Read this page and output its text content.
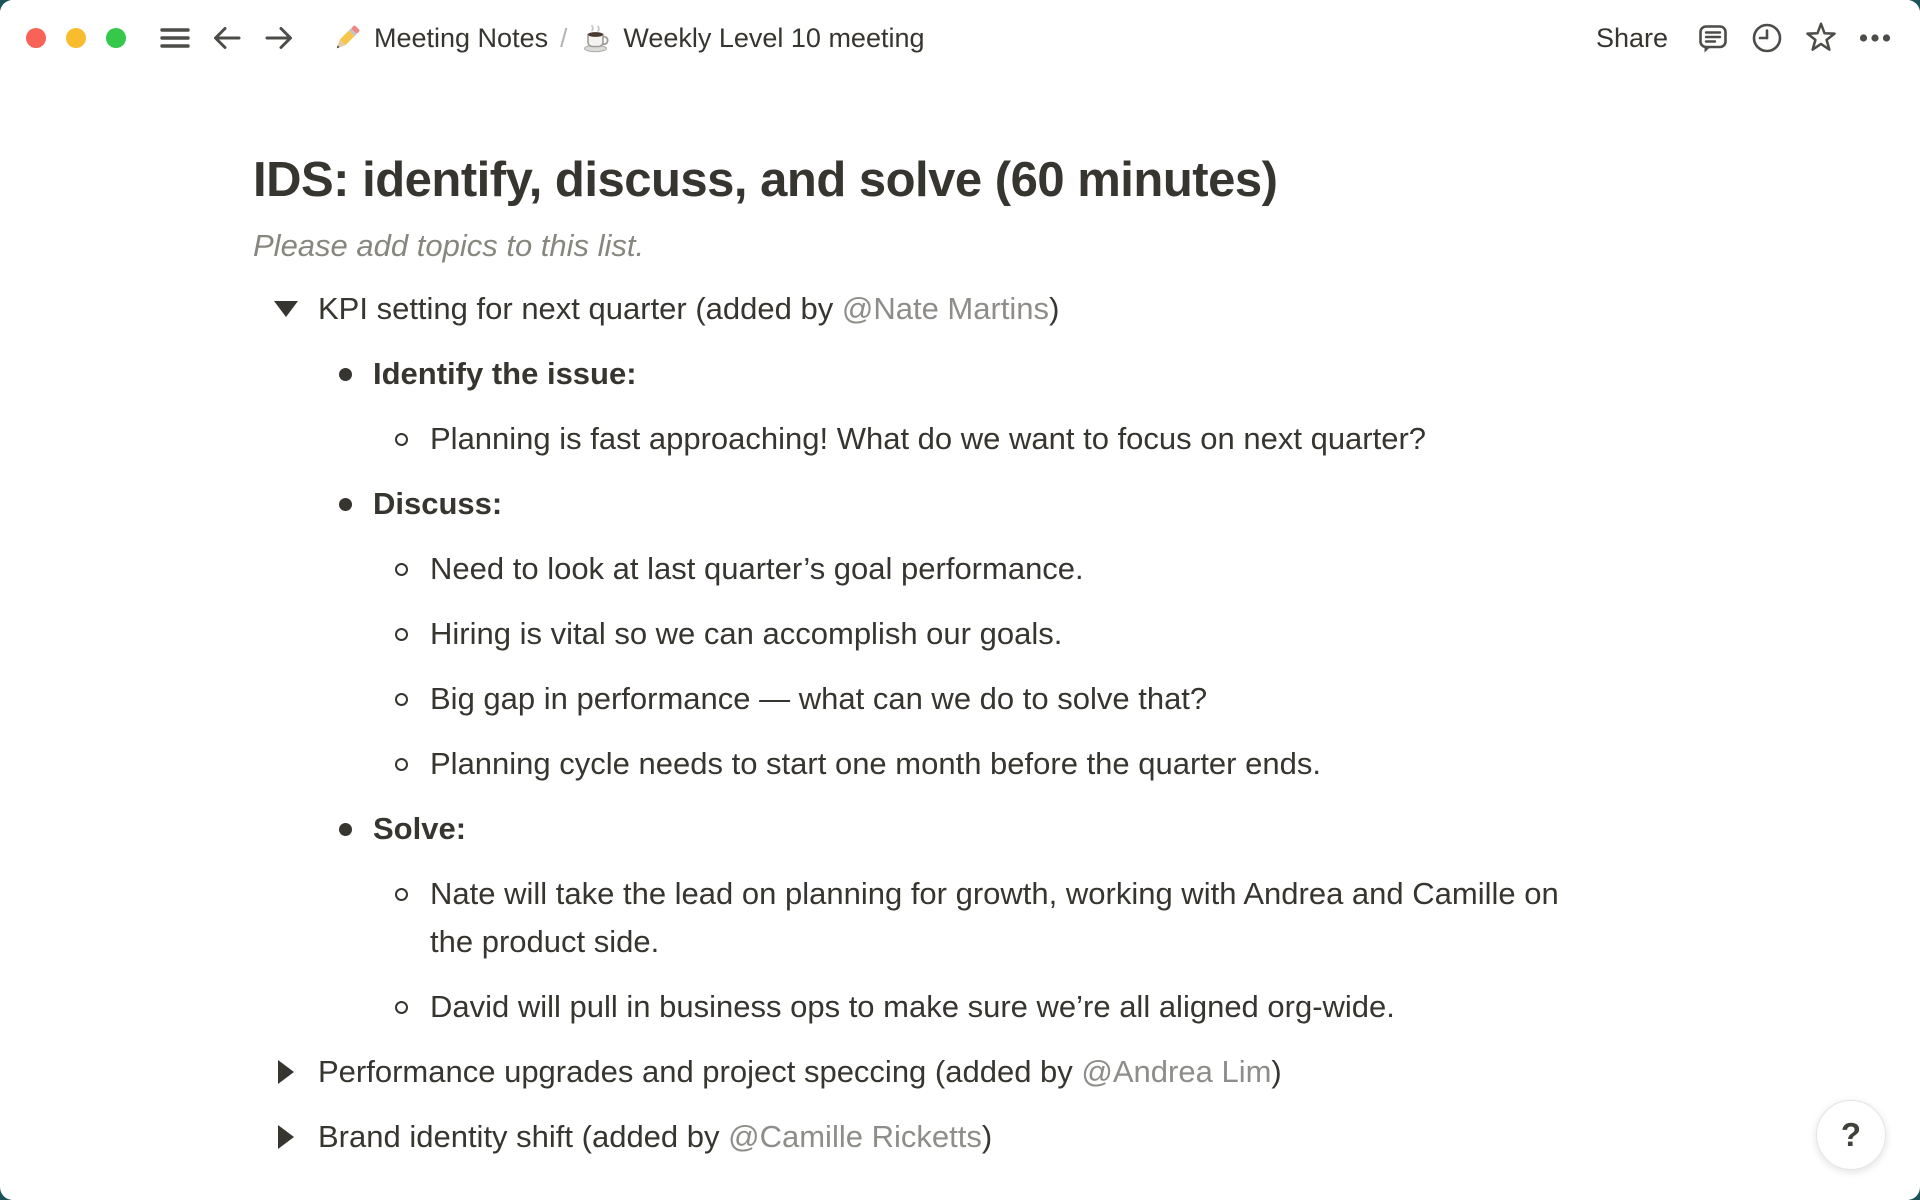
Meeting Notes / Weekly Level 10 meeting	Share
IDS: identify, discuss, and solve (60 minutes)

Please add topics to this list.

KPI setting for next quarter (added by @Nate Martins)
Identify the issue:
Planning is fast approaching! What do we want to focus on next quarter?
Discuss:
Need to look at last quarter’s goal performance.
Hiring is vital so we can accomplish our goals.
Big gap in performance — what can we do to solve that?
Planning cycle needs to start one month before the quarter ends.
Solve:
Nate will take the lead on planning for growth, working with Andrea and Camille on the product side.
David will pull in business ops to make sure we’re all aligned org-wide.
Performance upgrades and project speccing (added by @Andrea Lim)
Brand identity shift (added by @Camille Ricketts)	?
